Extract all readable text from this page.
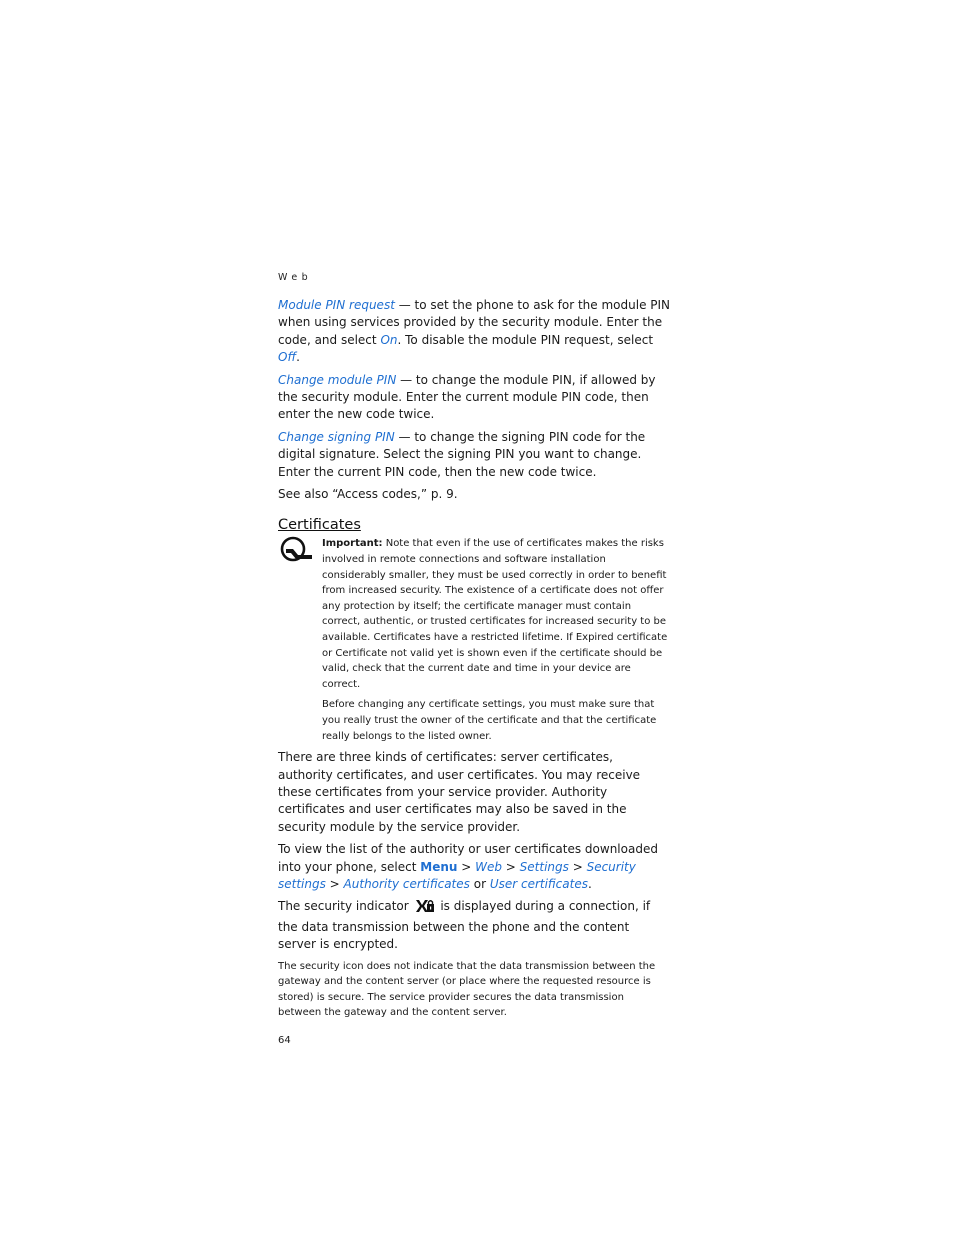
Web

Module PIN request — to set the phone to ask for the module PIN when using services provided by the security module. Enter the code, and select On. To disable the module PIN request, select Off.

Change module PIN — to change the module PIN, if allowed by the security module. Enter the current module PIN code, then enter the new code twice.

Change signing PIN — to change the signing PIN code for the digital signature. Select the signing PIN you want to change. Enter the current PIN code, then the new code twice.

See also “Access codes,” p. 9.

Certificates

Important: Note that even if the use of certificates makes the risks involved in remote connections and software installation considerably smaller, they must be used correctly in order to benefit from increased security. The existence of a certificate does not offer any protection by itself; the certificate manager must contain correct, authentic, or trusted certificates for increased security to be available. Certificates have a restricted lifetime. If Expired certificate or Certificate not valid yet is shown even if the certificate should be valid, check that the current date and time in your device are correct.

Before changing any certificate settings, you must make sure that you really trust the owner of the certificate and that the certificate really belongs to the listed owner.

There are three kinds of certificates: server certificates, authority certificates, and user certificates. You may receive these certificates from your service provider. Authority certificates and user certificates may also be saved in the security module by the service provider.

To view the list of the authority or user certificates downloaded into your phone, select Menu > Web > Settings > Security settings > Authority certificates or User certificates.

The security indicator  is displayed during a connection, if the data transmission between the phone and the content server is encrypted.

The security icon does not indicate that the data transmission between the gateway and the content server (or place where the requested resource is stored) is secure. The service provider secures the data transmission between the gateway and the content server.

64
